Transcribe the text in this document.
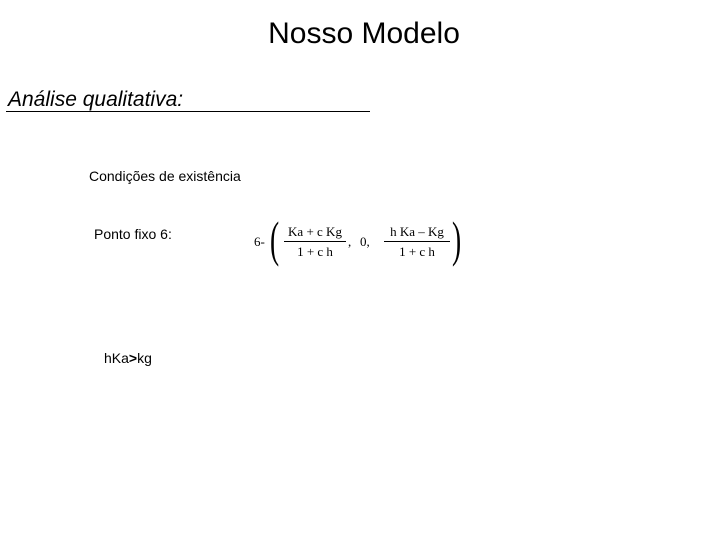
Nosso Modelo
Análise qualitativa:
Condições de existência
Ponto fixo 6:	6- ( Ka + c Kg
1 + c h
, 0,
h Ka – Kg
1 + c h )
hKa>kg
